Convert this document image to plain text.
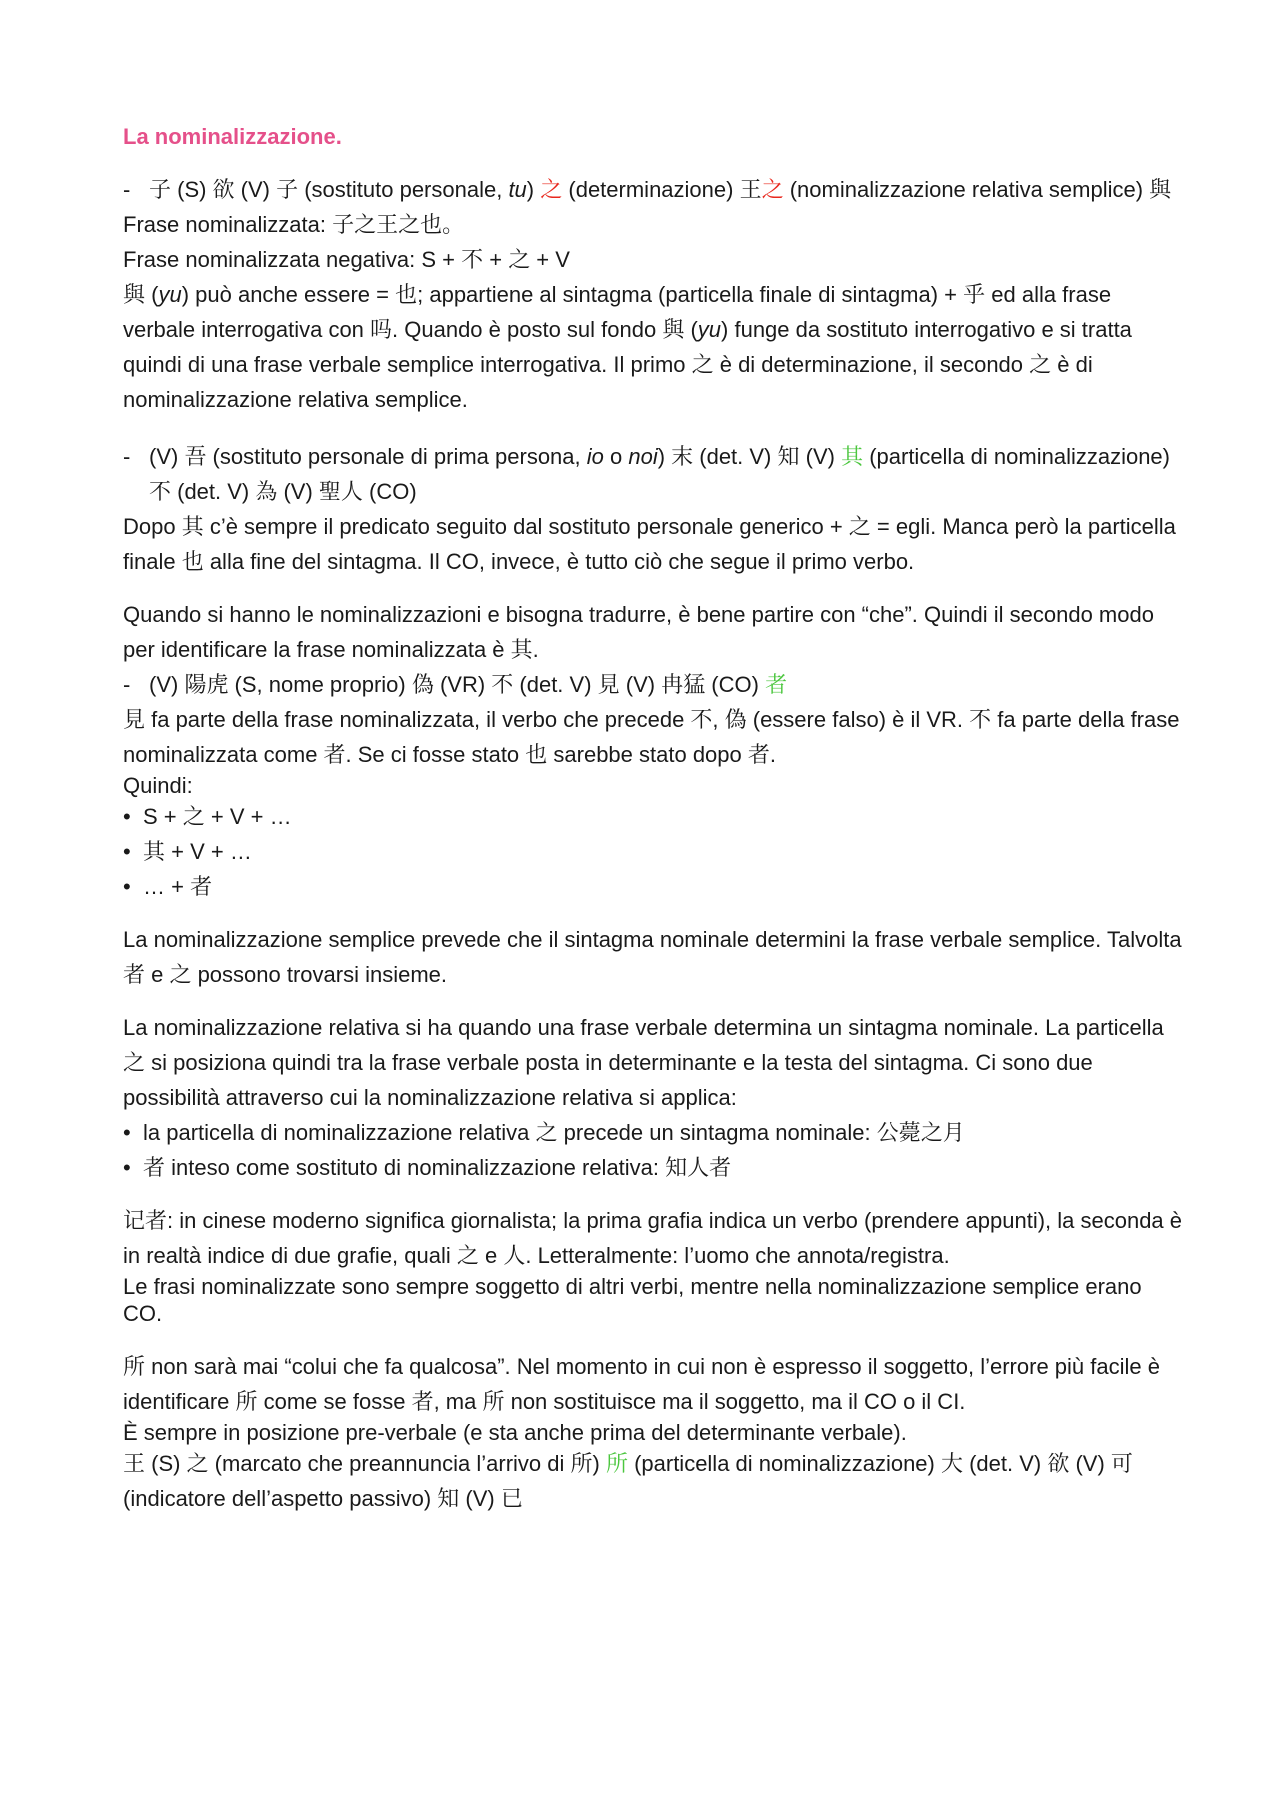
La nominalizzazione.
- 子 (S) 欲 (V) 子 (sostituto personale, tu) 之 (determinazione) 王之 (nominalizzazione relativa semplice) 與
Frase nominalizzata: 子之王之也。
Frase nominalizzata negativa: S + 不 + 之 + V
與 (yu) può anche essere = 也; appartiene al sintagma (particella finale di sintagma) + 乎 ed alla frase verbale interrogativa con 吗. Quando è posto sul fondo 與 (yu) funge da sostituto interrogativo e si tratta quindi di una frase verbale semplice interrogativa. Il primo 之 è di determinazione, il secondo 之 è di nominalizzazione relativa semplice.
- (V) 吾 (sostituto personale di prima persona, io o noi) 末 (det. V) 知 (V) 其 (particella di nominalizzazione) 不 (det. V) 為 (V) 聖人 (CO)
Dopo 其 c’è sempre il predicato seguito dal sostituto personale generico + 之 = egli. Manca però la particella finale 也 alla fine del sintagma. Il CO, invece, è tutto ciò che segue il primo verbo.
Quando si hanno le nominalizzazioni e bisogna tradurre, è bene partire con “che”. Quindi il secondo modo per identificare la frase nominalizzata è 其.
- (V) 陽虎 (S, nome proprio) 偽 (VR) 不 (det. V) 見 (V) 冉猛 (CO) 者
見 fa parte della frase nominalizzata, il verbo che precede 不, 偽 (essere falso) è il VR. 不 fa parte della frase nominalizzata come 者. Se ci fosse stato 也 sarebbe stato dopo 者.
Quindi:
• S + 之 + V + …
• 其 + V + …
• … + 者
La nominalizzazione semplice prevede che il sintagma nominale determini la frase verbale semplice. Talvolta 者 e 之 possono trovarsi insieme.
La nominalizzazione relativa si ha quando una frase verbale determina un sintagma nominale. La particella 之 si posiziona quindi tra la frase verbale posta in determinante e la testa del sintagma. Ci sono due possibilità attraverso cui la nominalizzazione relativa si applica:
• la particella di nominalizzazione relativa 之 precede un sintagma nominale: 公薨之月
• 者 inteso come sostituto di nominalizzazione relativa: 知人者
记者: in cinese moderno significa giornalista; la prima grafia indica un verbo (prendere appunti), la seconda è in realtà indice di due grafie, quali 之 e 人. Letteralmente: l’uomo che annota/registra.
Le frasi nominalizzate sono sempre soggetto di altri verbi, mentre nella nominalizzazione semplice erano CO.
所 non sarà mai “colui che fa qualcosa”. Nel momento in cui non è espresso il soggetto, l’errore più facile è identificare 所 come se fosse 者, ma 所 non sostituisce ma il soggetto, ma il CO o il CI.
È sempre in posizione pre-verbale (e sta anche prima del determinante verbale).
王 (S) 之 (marcato che preannuncia l’arrivo di 所) 所 (particella di nominalizzazione) 大 (det. V) 欲 (V) 可 (indicatore dell’aspetto passivo) 知 (V) 已
